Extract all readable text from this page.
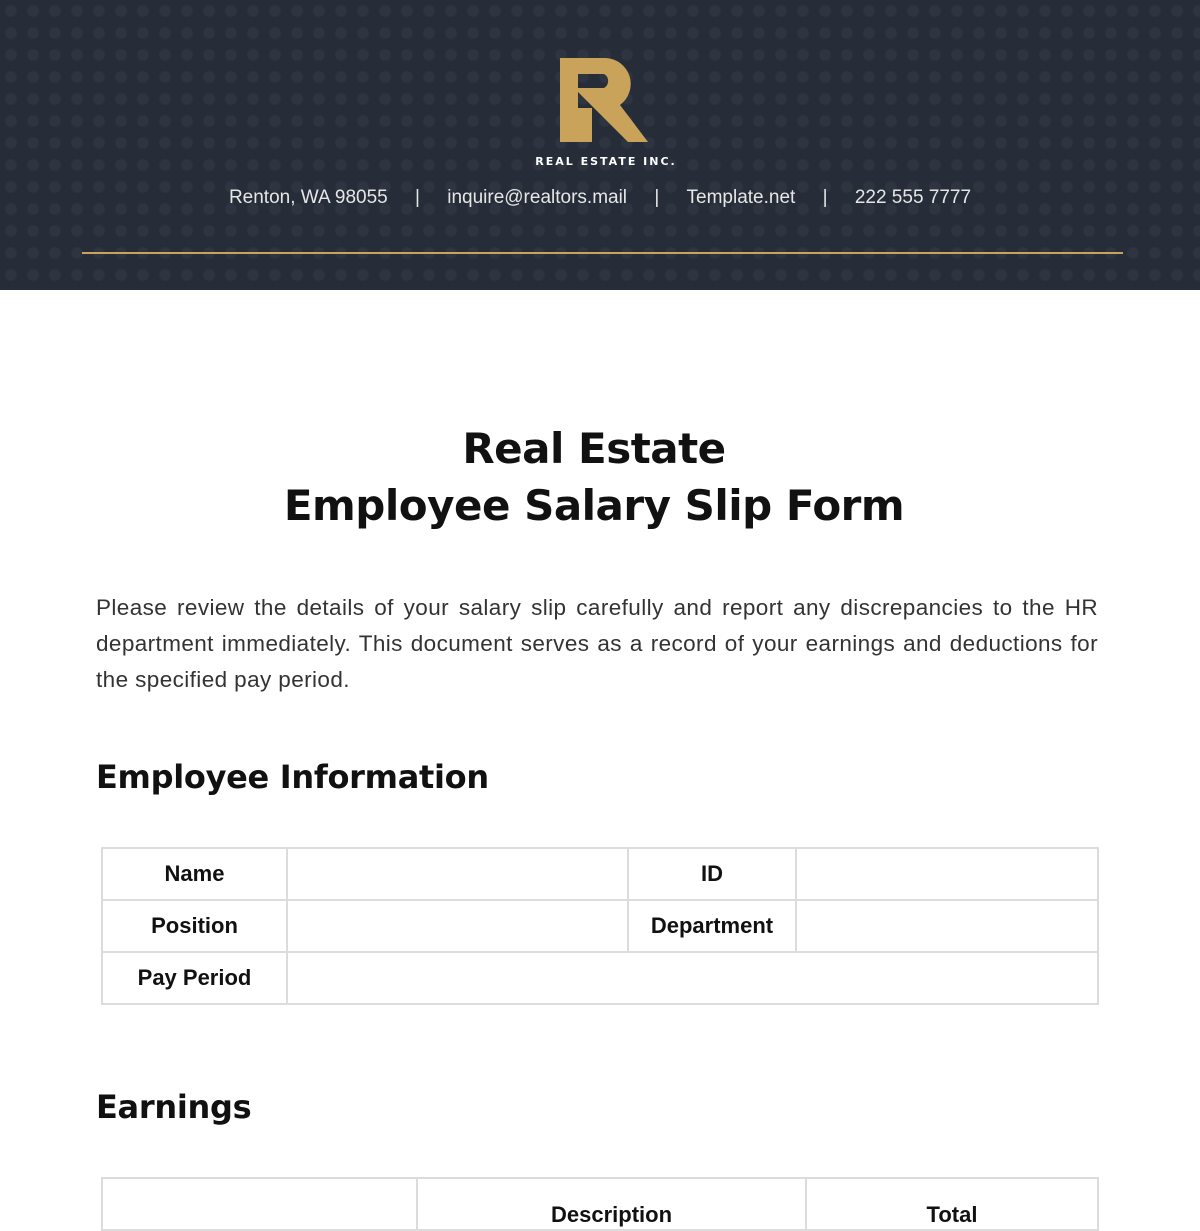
REAL ESTATE INC.
Renton, WA 98055 | inquire@realtors.mail | Template.net | 222 555 7777
Real Estate
Employee Salary Slip Form

Please review the details of your salary slip carefully and report any discrepancies to the HR department immediately. This document serves as a record of your earnings and deductions for the specified pay period.

Employee Information
Name		ID	
Position		Department	
Pay Period			
Earnings
	Description	Total
